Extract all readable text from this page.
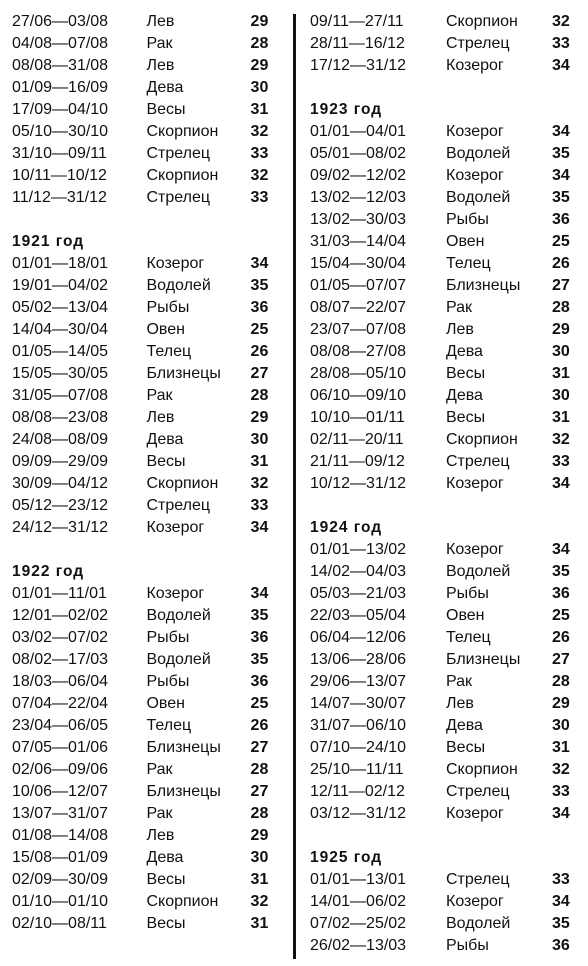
27/06—03/08	Лев	29
04/08—07/08	Рак	28
08/08—31/08	Лев	29
01/09—16/09	Дева	30
17/09—04/10	Весы	31
05/10—30/10	Скорпион	32
31/10—09/11	Стрелец	33
10/11—10/12	Скорпион	32
11/12—31/12	Стрелец	33
1921 год
01/01—18/01	Козерог	34
19/01—04/02	Водолей	35
05/02—13/04	Рыбы	36
14/04—30/04	Овен	25
01/05—14/05	Телец	26
15/05—30/05	Близнецы	27
31/05—07/08	Рак	28
08/08—23/08	Лев	29
24/08—08/09	Дева	30
09/09—29/09	Весы	31
30/09—04/12	Скорпион	32
05/12—23/12	Стрелец	33
24/12—31/12	Козерог	34
1922 год
01/01—11/01	Козерог	34
12/01—02/02	Водолей	35
03/02—07/02	Рыбы	36
08/02—17/03	Водолей	35
18/03—06/04	Рыбы	36
07/04—22/04	Овен	25
23/04—06/05	Телец	26
07/05—01/06	Близнецы	27
02/06—09/06	Рак	28
10/06—12/07	Близнецы	27
13/07—31/07	Рак	28
01/08—14/08	Лев	29
15/08—01/09	Дева	30
02/09—30/09	Весы	31
01/10—01/10	Скорпион	32
02/10—08/11	Весы	31
09/11—27/11	Скорпион	32
28/11—16/12	Стрелец	33
17/12—31/12	Козерог	34
1923 год
01/01—04/01	Козерог	34
05/01—08/02	Водолей	35
09/02—12/02	Козерог	34
13/02—12/03	Водолей	35
13/02—30/03	Рыбы	36
31/03—14/04	Овен	25
15/04—30/04	Телец	26
01/05—07/07	Близнецы	27
08/07—22/07	Рак	28
23/07—07/08	Лев	29
08/08—27/08	Дева	30
28/08—05/10	Весы	31
06/10—09/10	Дева	30
10/10—01/11	Весы	31
02/11—20/11	Скорпион	32
21/11—09/12	Стрелец	33
10/12—31/12	Козерог	34
1924 год
01/01—13/02	Козерог	34
14/02—04/03	Водолей	35
05/03—21/03	Рыбы	36
22/03—05/04	Овен	25
06/04—12/06	Телец	26
13/06—28/06	Близнецы	27
29/06—13/07	Рак	28
14/07—30/07	Лев	29
31/07—06/10	Дева	30
07/10—24/10	Весы	31
25/10—11/11	Скорпион	32
12/11—02/12	Стрелец	33
03/12—31/12	Козерог	34
1925 год
01/01—13/01	Стрелец	33
14/01—06/02	Козерог	34
07/02—25/02	Водолей	35
26/02—13/03	Рыбы	36
